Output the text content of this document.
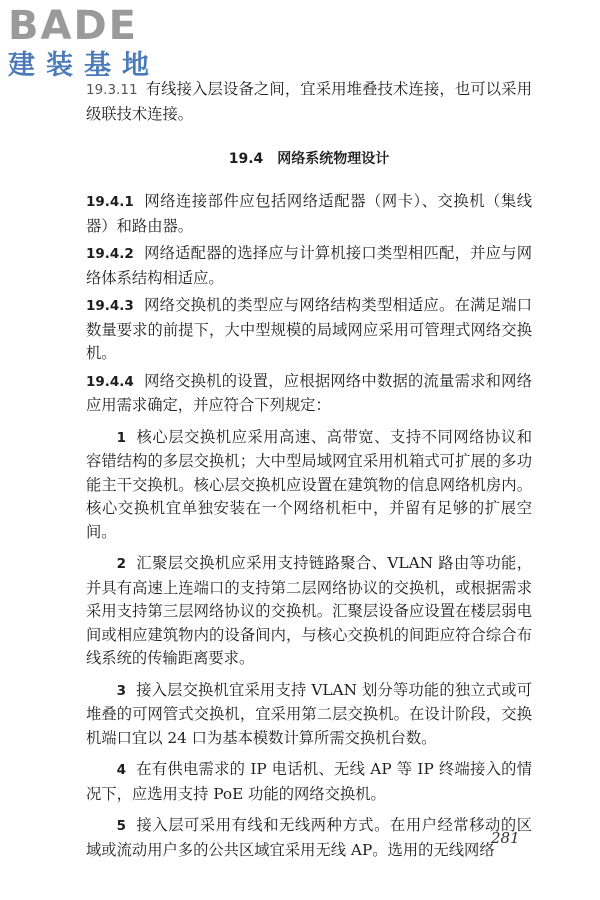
BADE
建装基地

19.3.11 有线接入层设备之间，宜采用堆叠技术连接，也可以采用级联技术连接。

19.4 网络系统物理设计

19.4.1 网络连接部件应包括网络适配器（网卡）、交换机（集线器）和路由器。

19.4.2 网络适配器的选择应与计算机接口类型相匹配，并应与网络体系结构相适应。

19.4.3 网络交换机的类型应与网络结构类型相适应。在满足端口数量要求的前提下，大中型规模的局域网应采用可管理式网络交换机。

19.4.4 网络交换机的设置，应根据网络中数据的流量需求和网络应用需求确定，并应符合下列规定：

1 核心层交换机应采用高速、高带宽、支持不同网络协议和容错结构的多层交换机；大中型局域网宜采用机箱式可扩展的多功能主干交换机。核心层交换机应设置在建筑物的信息网络机房内。核心交换机宜单独安装在一个网络机柜中，并留有足够的扩展空间。

2 汇聚层交换机应采用支持链路聚合、VLAN 路由等功能，并具有高速上连端口的支持第二层网络协议的交换机，或根据需求采用支持第三层网络协议的交换机。汇聚层设备应设置在楼层弱电间或相应建筑物内的设备间内，与核心交换机的间距应符合综合布线系统的传输距离要求。

3 接入层交换机宜采用支持 VLAN 划分等功能的独立式或可堆叠的可网管式交换机，宜采用第二层交换机。在设计阶段，交换机端口宜以 24 口为基本模数计算所需交换机台数。

4 在有供电需求的 IP 电话机、无线 AP 等 IP 终端接入的情况下，应选用支持 PoE 功能的网络交换机。

5 接入层可采用有线和无线两种方式。在用户经常移动的区域或流动用户多的公共区域宜采用无线 AP。选用的无线网络

281
